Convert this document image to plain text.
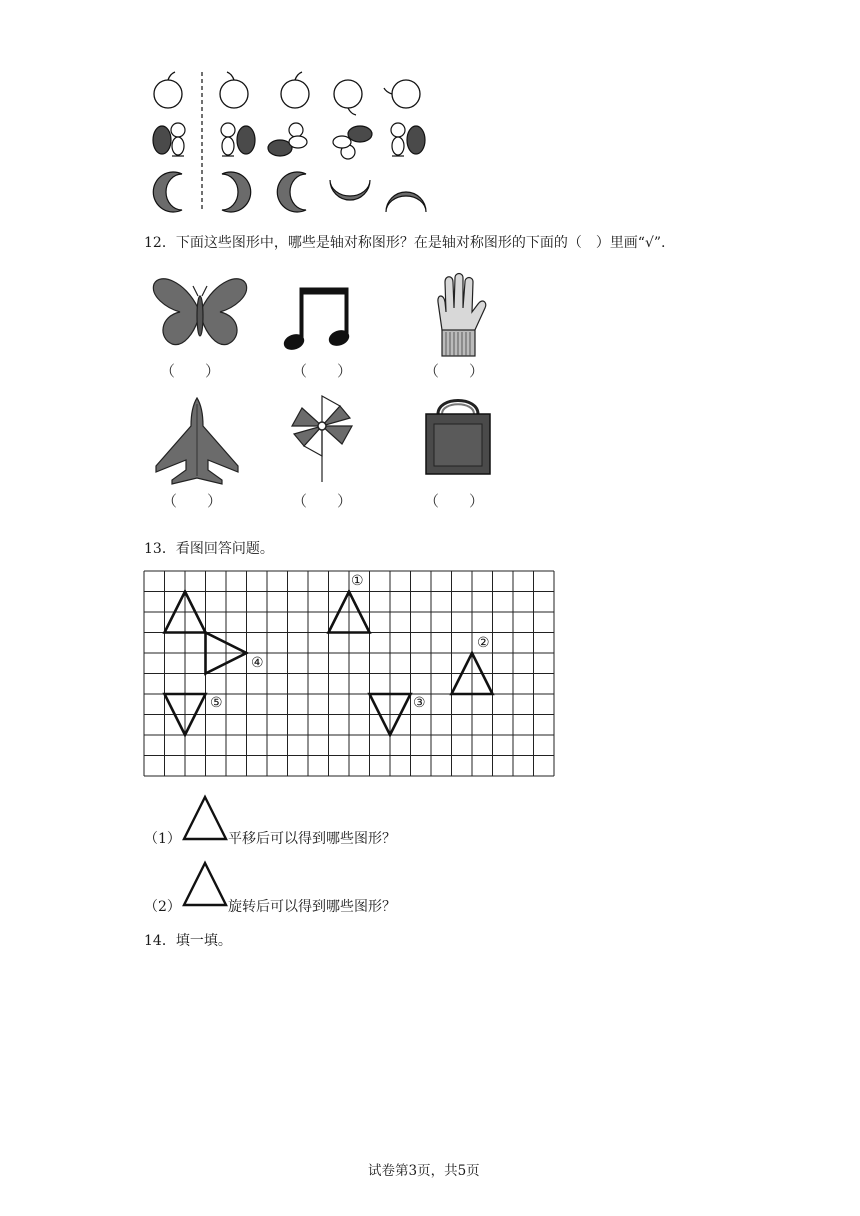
12．下面这些图形中，哪些是轴对称图形？在是轴对称图形的下面的（　）里画“√”.
（　　）	（　　）	（　　）
（　　）	（　　）	（　　）
13．看图回答问题。
①
②
③
④
⑤
（1）	平移后可以得到哪些图形？
（2）	旋转后可以得到哪些图形？
14．填一填。
试卷第3页，共5页
